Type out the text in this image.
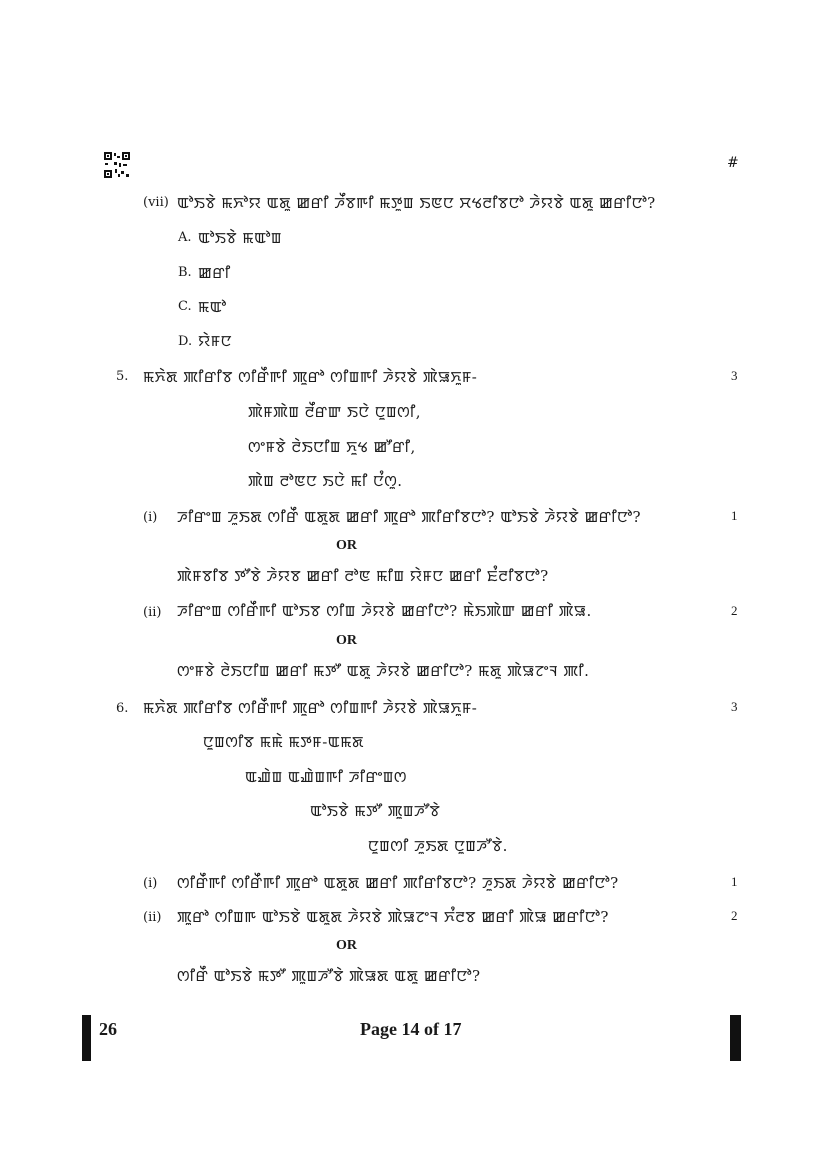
#
(vii) ꯑꯣꯏꯕꯥ ꯃꯈꯣꯌ ꯑꯗꯨ ꯀꯔꯤ ꯍꯩꯕꯒꯤ ꯃꯇꯨꯡ ꯏꯟꯅ ꯆꯠꯂꯤꯕꯅꯣ ꯍꯥꯌꯕꯥ ꯑꯗꯨ ꯀꯔꯤꯅꯣ?
A. ꯑꯣꯏꯕꯥ ꯃꯑꯣꯡ
B. ꯀꯔꯤ
C. ꯃꯑꯣ
D. ꯌꯥꯝꯅ
5. ꯃꯈꯥꯗ ꯄꯤꯔꯤꯕ ꯁꯤꯔꯩꯒꯤ ꯄꯨꯔꯣ ꯁꯤꯡꯒꯤ ꯍꯥꯌꯕꯥ ꯄꯥꯎꯈꯨꯝ-	3
ꯄꯥꯝꯄꯥꯡ ꯂꯩꯔꯛ ꯏꯅꯥ ꯅꯨꯡꯁꯤ,
ꯁꯦꯝꯕꯥ ꯂꯥꯏꯅꯤꯡ ꯈꯨꯠ ꯀꯧꯔꯤ,
ꯄꯥꯡ ꯂꯣꯟꯅ ꯏꯅꯥ ꯃꯤ ꯅꯪꯁꯨ.
(i) ꯍꯤꯔꯦꯡ ꯍꯨꯏꯗ ꯁꯤꯔꯩ ꯑꯗꯨꯗ ꯀꯔꯤ ꯄꯨꯔꯣ ꯄꯤꯔꯤꯕꯅꯣ? ꯑꯣꯏꯕꯥ ꯍꯥꯌꯕꯥ ꯀꯔꯤꯅꯣ?	1
OR
ꯄꯥꯝꯕꯤꯕ ꯇꯧꯕꯥ ꯍꯥꯌꯕ ꯀꯔꯤ ꯂꯣꯟ ꯃꯤꯡ ꯌꯥꯝꯅ ꯀꯔꯤ ꯐꯪꯂꯤꯕꯅꯣ?
(ii) ꯍꯤꯔꯦꯡ ꯁꯤꯔꯩꯒꯤ ꯑꯣꯏꯕ ꯁꯤꯡ ꯍꯥꯌꯕꯥ ꯀꯔꯤꯅꯣ? ꯃꯥꯏꯄꯥꯛ ꯀꯔꯤ ꯄꯥꯎ.	2
OR
ꯁꯦꯝꯕꯥ ꯂꯥꯏꯅꯤꯡ ꯀꯔꯤ ꯃꯇꯧ ꯑꯗꯨ ꯍꯥꯌꯕꯥ ꯀꯔꯤꯅꯣ? ꯃꯗꯨ ꯄꯥꯎꯖꯦꯜ ꯄꯤ.
6. ꯃꯈꯥꯗ ꯄꯤꯔꯤꯕ ꯁꯤꯔꯩꯒꯤ ꯄꯨꯔꯣ ꯁꯤꯡꯒꯤ ꯍꯥꯌꯕꯥ ꯄꯥꯎꯈꯨꯝ-	3
ꯅꯨꯡꯁꯤꯕ ꯃꯃꯥ ꯃꯇꯝ-ꯑꯃꯗ
ꯑꯉꯥꯡ ꯑꯉꯥꯡꯒꯤ ꯍꯤꯔꯦꯡꯁ
ꯑꯣꯏꯕꯥ ꯃꯇꯧ ꯄꯨꯡꯍꯧꯕꯥ
ꯅꯨꯡꯁꯤ ꯍꯨꯏꯗ ꯅꯨꯡꯍꯧꯕꯥ.
(i) ꯁꯤꯔꯩꯒꯤ ꯁꯤꯔꯩꯒꯤ ꯄꯨꯔꯣ ꯑꯗꯨꯗ ꯀꯔꯤ ꯄꯤꯔꯤꯕꯅꯣ? ꯍꯨꯏꯗ ꯍꯥꯌꯕꯥ ꯀꯔꯤꯅꯣ?	1
(ii) ꯄꯨꯔꯣ ꯁꯤꯡꯒ ꯑꯣꯏꯕꯥ ꯑꯗꯨꯗ ꯍꯥꯌꯕꯥ ꯄꯥꯎꯖꯦꯜ ꯈꯪꯂꯕ ꯀꯔꯤ ꯄꯥꯎ ꯀꯔꯤꯅꯣ?	2
OR
ꯁꯤꯔꯩ ꯑꯣꯏꯕꯥ ꯃꯇꯧ ꯄꯨꯡꯍꯧꯕꯥ ꯄꯥꯎꯗ ꯑꯗꯨ ꯀꯔꯤꯅꯣ?
26	Page 14 of 17
